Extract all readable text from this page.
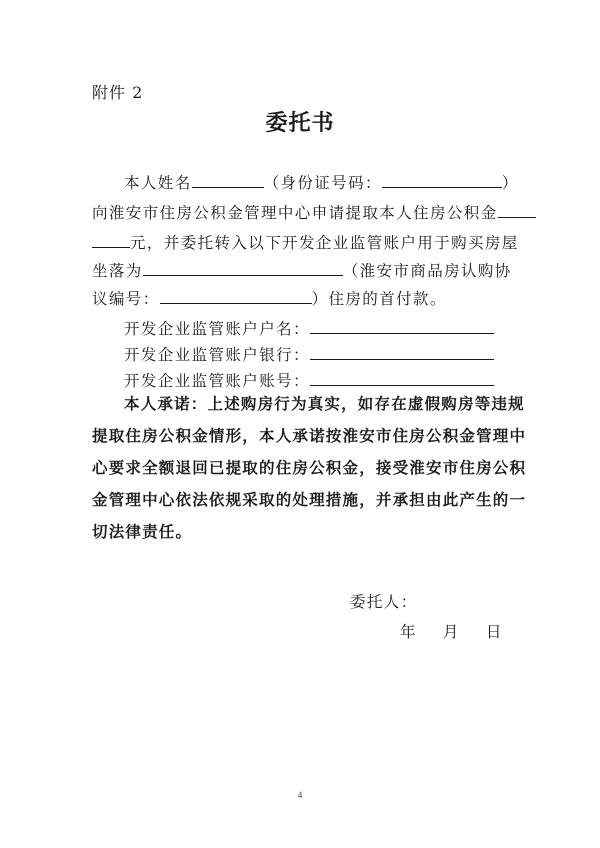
附件 2
委托书
本人姓名	（身份证号码：	）
向淮安市住房公积金管理中心申请提取本人住房公积金
元，并委托转入以下开发企业监管账户用于购买房屋
坐落为	（淮安市商品房认购协
议编号：	）住房的首付款。
开发企业监管账户户名：
开发企业监管账户银行：
开发企业监管账户账号：
本人承诺：上述购房行为真实，如存在虚假购房等违规
提取住房公积金情形，本人承诺按淮安市住房公积金管理中
心要求全额退回已提取的住房公积金，接受淮安市住房公积
金管理中心依法依规采取的处理措施，并承担由此产生的一
切法律责任。
委托人：
年 月 日
4
